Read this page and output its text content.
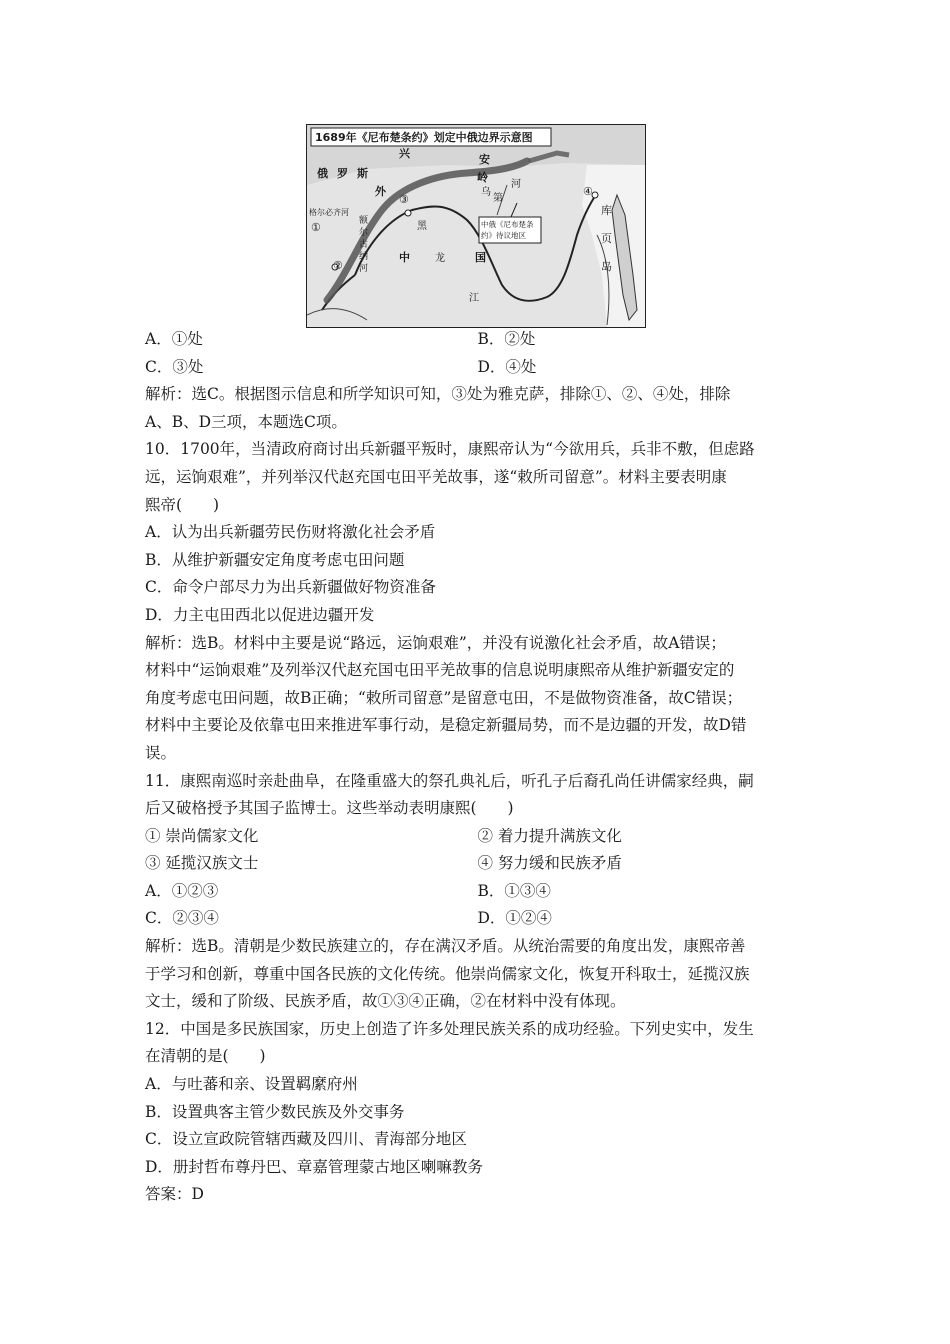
1689年《尼布楚条约》划定中俄边界示意图
俄 罗 斯
兴	安
外
岭
乌
第
河
格尔必齐河
额
尔
古
纳
河
中	国
黑
龙
江
库
页
岛
中俄《尼布楚条约》待议地区
①
②
③
④
A．①处	B．②处
C．③处	D．④处
解析：选C。根据图示信息和所学知识可知，③处为雅克萨，排除①、②、④处，排除
A、B、D三项，本题选C项。
10．1700年，当清政府商讨出兵新疆平叛时，康熙帝认为“今欲用兵，兵非不敷，但虑路
远，运饷艰难”，并列举汉代赵充国屯田平羌故事，遂“敕所司留意”。材料主要表明康
熙帝(　　)
A．认为出兵新疆劳民伤财将激化社会矛盾
B．从维护新疆安定角度考虑屯田问题
C．命令户部尽力为出兵新疆做好物资准备
D．力主屯田西北以促进边疆开发
解析：选B。材料中主要是说“路远，运饷艰难”，并没有说激化社会矛盾，故A错误；
材料中“运饷艰难”及列举汉代赵充国屯田平羌故事的信息说明康熙帝从维护新疆安定的
角度考虑屯田问题，故B正确；“敕所司留意”是留意屯田，不是做物资准备，故C错误；
材料中主要论及依靠屯田来推进军事行动，是稳定新疆局势，而不是边疆的开发，故D错
误。
11．康熙南巡时亲赴曲阜，在隆重盛大的祭孔典礼后，听孔子后裔孔尚任讲儒家经典，嗣
后又破格授予其国子监博士。这些举动表明康熙(　　)
① 崇尚儒家文化	② 着力提升满族文化
③ 延揽汉族文士	④ 努力缓和民族矛盾
A．①②③	B．①③④
C．②③④	D．①②④
解析：选B。清朝是少数民族建立的，存在满汉矛盾。从统治需要的角度出发，康熙帝善
于学习和创新，尊重中国各民族的文化传统。他崇尚儒家文化，恢复开科取士，延揽汉族
文士，缓和了阶级、民族矛盾，故①③④正确，②在材料中没有体现。
12．中国是多民族国家，历史上创造了许多处理民族关系的成功经验。下列史实中，发生
在清朝的是(　　)
A．与吐蕃和亲、设置羁縻府州
B．设置典客主管少数民族及外交事务
C．设立宣政院管辖西藏及四川、青海部分地区
D．册封哲布尊丹巴、章嘉管理蒙古地区喇嘛教务
答案：D
